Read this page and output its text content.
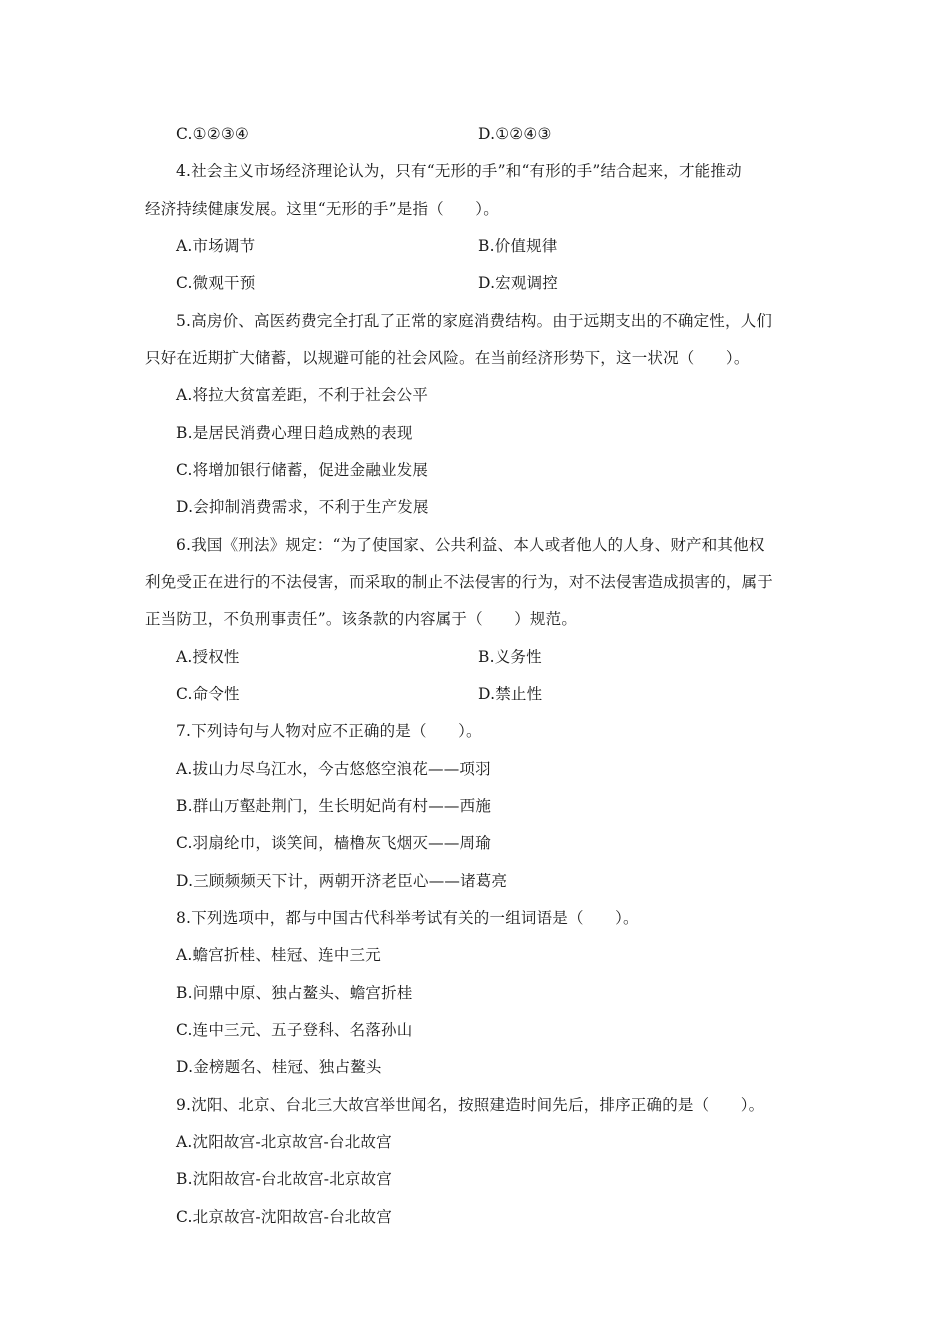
C.①②③④	D.①②④③
4.社会主义市场经济理论认为，只有“无形的手”和“有形的手”结合起来，才能推动
经济持续健康发展。这里“无形的手”是指（　　）。
A.市场调节	B.价值规律
C.微观干预	D.宏观调控
5.高房价、高医药费完全打乱了正常的家庭消费结构。由于远期支出的不确定性，人们
只好在近期扩大储蓄，以规避可能的社会风险。在当前经济形势下，这一状况（　　）。
A.将拉大贫富差距，不利于社会公平
B.是居民消费心理日趋成熟的表现
C.将增加银行储蓄，促进金融业发展
D.会抑制消费需求，不利于生产发展
6.我国《刑法》规定：“为了使国家、公共利益、本人或者他人的人身、财产和其他权
利免受正在进行的不法侵害，而采取的制止不法侵害的行为，对不法侵害造成损害的，属于
正当防卫，不负刑事责任”。该条款的内容属于（　　）规范。
A.授权性	B.义务性
C.命令性	D.禁止性
7.下列诗句与人物对应不正确的是（　　）。
A.拔山力尽乌江水，今古悠悠空浪花——项羽
B.群山万壑赴荆门，生长明妃尚有村——西施
C.羽扇纶巾，谈笑间，樯橹灰飞烟灭——周瑜
D.三顾频频天下计，两朝开济老臣心——诸葛亮
8.下列选项中，都与中国古代科举考试有关的一组词语是（　　）。
A.蟾宫折桂、桂冠、连中三元
B.问鼎中原、独占鳌头、蟾宫折桂
C.连中三元、五子登科、名落孙山
D.金榜题名、桂冠、独占鳌头
9.沈阳、北京、台北三大故宫举世闻名，按照建造时间先后，排序正确的是（　　）。
A.沈阳故宫-北京故宫-台北故宫
B.沈阳故宫-台北故宫-北京故宫
C.北京故宫-沈阳故宫-台北故宫
